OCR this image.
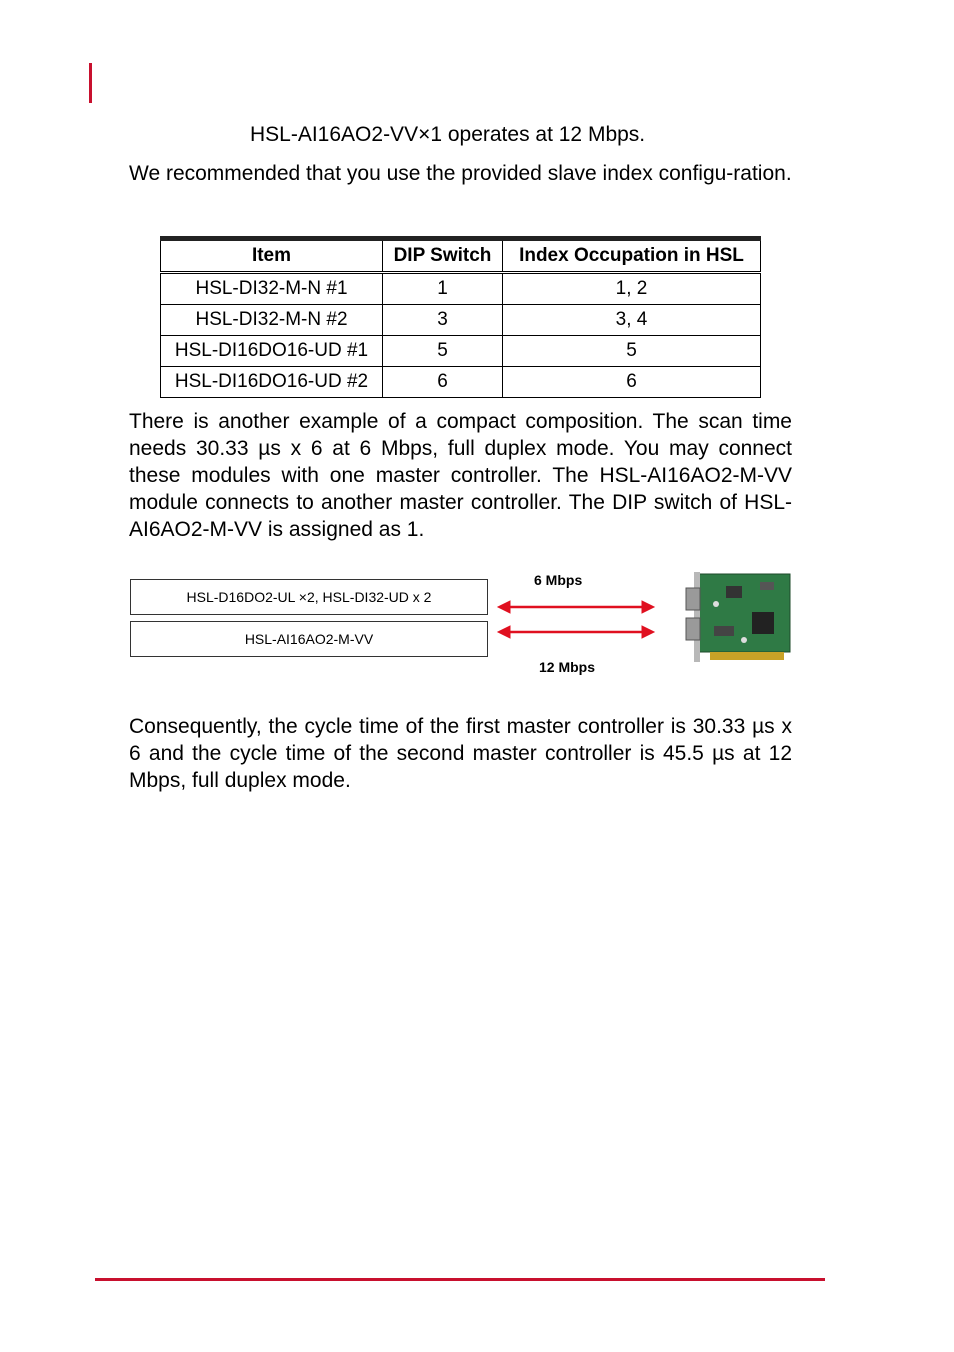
HSL-AI16AO2-VV×1 operates at 12 Mbps.
We recommended that you use the provided slave index configu-ration.
Item	DIP Switch	Index Occupation in HSL
HSL-DI32-M-N #1	1	1, 2
HSL-DI32-M-N #2	3	3, 4
HSL-DI16DO16-UD #1	5	5
HSL-DI16DO16-UD #2	6	6
There is another example of a compact composition. The scan time needs 30.33 µs x 6 at 6 Mbps, full duplex mode. You may connect these modules with one master controller. The HSL-AI16AO2-M-VV module connects to another master controller. The DIP switch of HSL-AI6AO2-M-VV is assigned as 1.
HSL-D16DO2-UL ×2, HSL-DI32-UD x 2
HSL-AI16AO2-M-VV
6 Mbps
12 Mbps
Consequently, the cycle time of the first master controller is 30.33 µs x 6 and the cycle time of the second master controller is 45.5 µs at 12 Mbps, full duplex mode.
